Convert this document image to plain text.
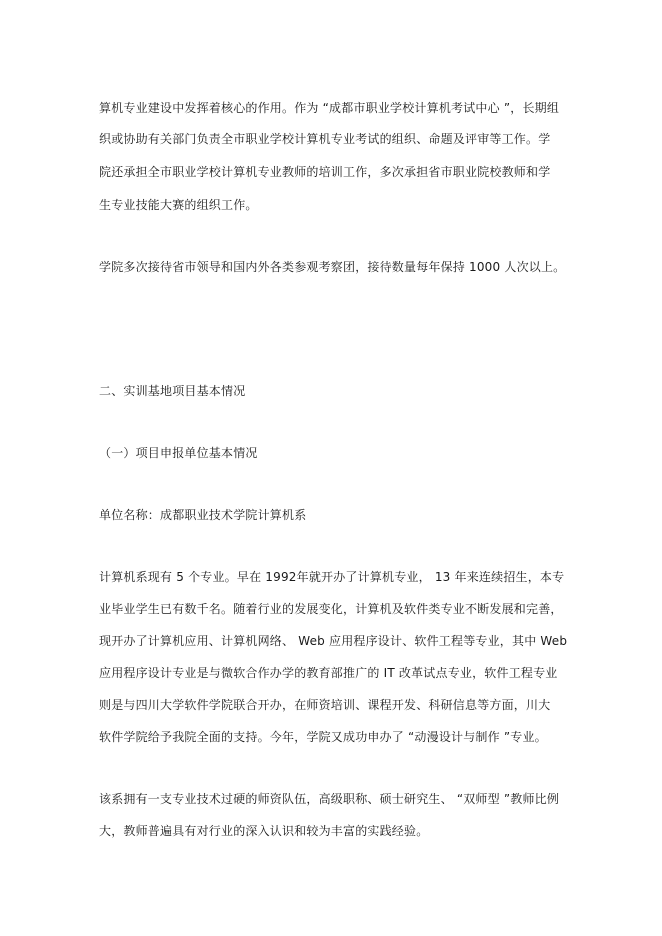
算机专业建设中发挥着核心的作用。作为 “成都市职业学校计算机考试中心 ”，长期组
织或协助有关部门负责全市职业学校计算机专业考试的组织、命题及评审等工作。学
院还承担全市职业学校计算机专业教师的培训工作，多次承担省市职业院校教师和学
生专业技能大赛的组织工作。
学院多次接待省市领导和国内外各类参观考察团，接待数量每年保持 1000 人次以上。
二、实训基地项目基本情况
（一）项目申报单位基本情况
单位名称：成都职业技术学院计算机系
计算机系现有 5 个专业。早在 1992年就开办了计算机专业， 13 年来连续招生，本专
业毕业学生已有数千名。随着行业的发展变化，计算机及软件类专业不断发展和完善，
现开办了计算机应用、计算机网络、 Web 应用程序设计、软件工程等专业，其中 Web
应用程序设计专业是与微软合作办学的教育部推广的 IT 改革试点专业，软件工程专业
则是与四川大学软件学院联合开办，在师资培训、课程开发、科研信息等方面，川大
软件学院给予我院全面的支持。今年，学院又成功申办了 “动漫设计与制作 ”专业。
该系拥有一支专业技术过硬的师资队伍，高级职称、硕士研究生、 “双师型 ”教师比例
大，教师普遍具有对行业的深入认识和较为丰富的实践经验。
